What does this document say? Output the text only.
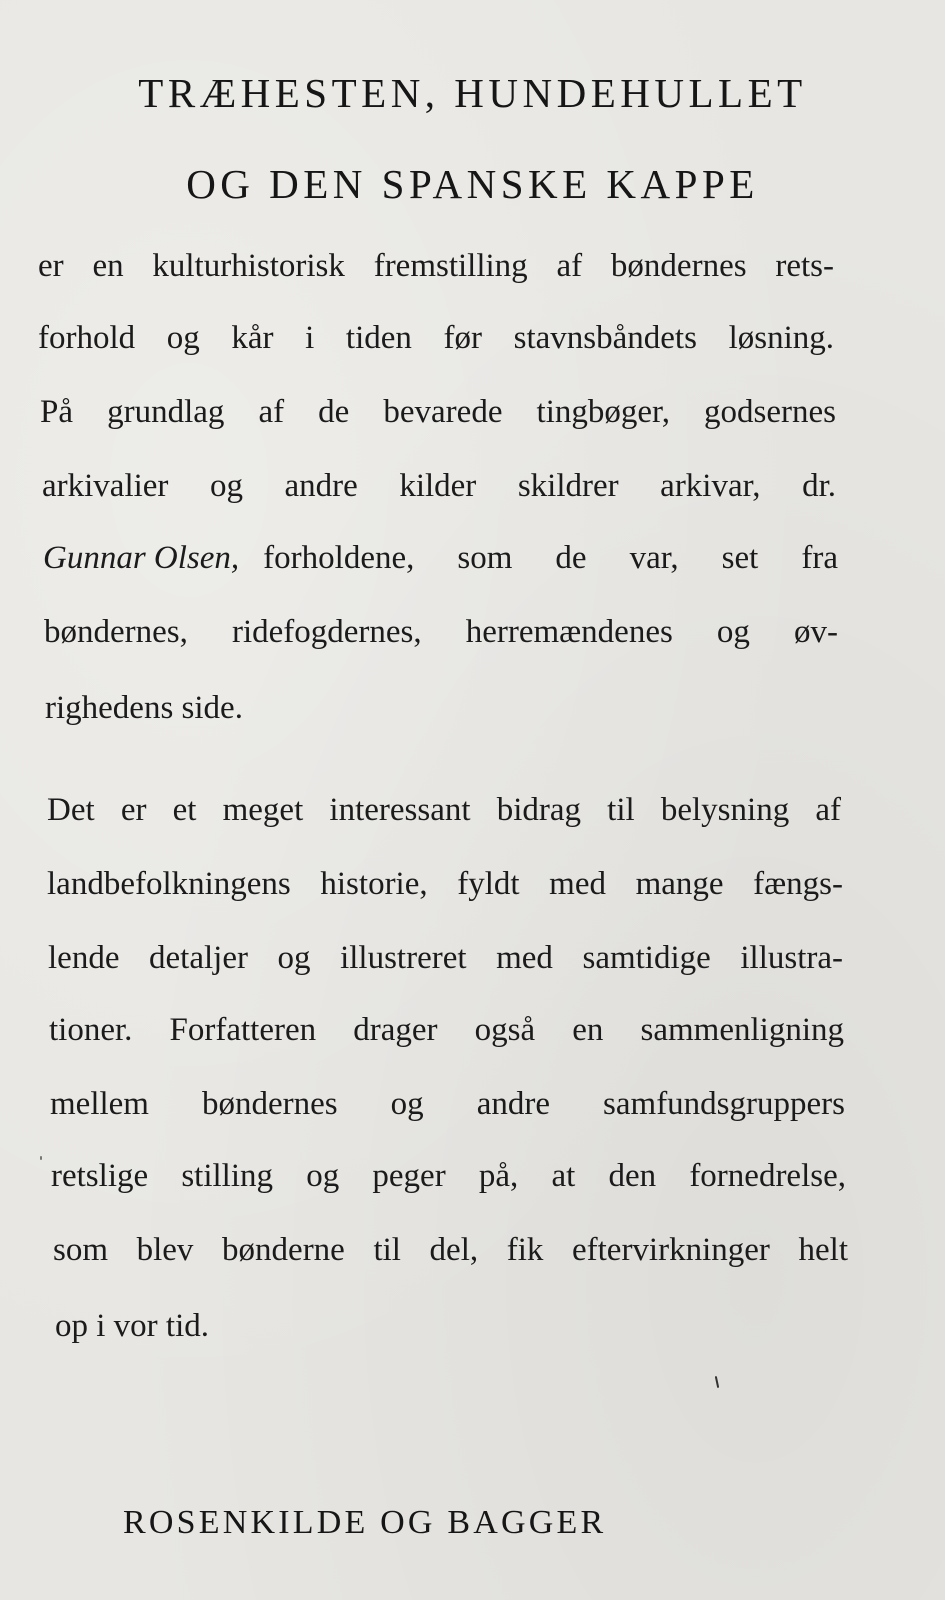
TRÆHESTEN, HUNDEHULLET
OG DEN SPANSKE KAPPE
er en kulturhistorisk fremstilling af bøndernes rets-
forhold og kår i tiden før stavnsbåndets løsning.
På grundlag af de bevarede tingbøger, godsernes
arkivalier og andre kilder skildrer arkivar, dr.
Gunnar Olsen, forholdene, som de var, set fra
bøndernes, ridefogdernes, herremændenes og øv-
righedens side.
Det er et meget interessant bidrag til belysning af
landbefolkningens historie, fyldt med mange fængs-
lende detaljer og illustreret med samtidige illustra-
tioner. Forfatteren drager også en sammenligning
mellem bøndernes og andre samfundsgruppers
retslige stilling og peger på, at den fornedrelse,
som blev bønderne til del, fik eftervirkninger helt
op i vor tid.
ROSENKILDE OG BAGGER
